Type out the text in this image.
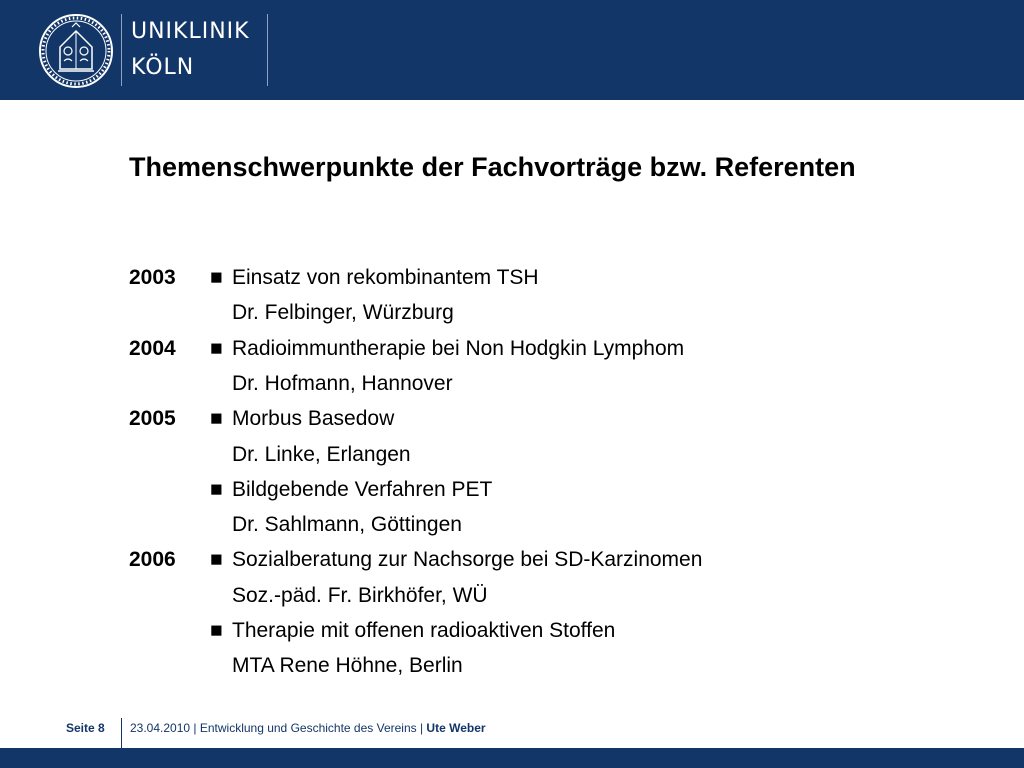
UNIKLINIK
KÖLN
Themenschwerpunkte der Fachvorträge bzw. Referenten
2003 ■ Einsatz von rekombinantem TSH
Dr. Felbinger, Würzburg
2004 ■ Radioimmuntherapie bei Non Hodgkin Lymphom
Dr. Hofmann, Hannover
2005 ■ Morbus Basedow
Dr. Linke, Erlangen
■ Bildgebende Verfahren PET
Dr. Sahlmann, Göttingen
2006 ■ Sozialberatung zur Nachsorge bei SD-Karzinomen
Soz.-päd. Fr. Birkhöfer, WÜ
■ Therapie mit offenen radioaktiven Stoffen
MTA Rene Höhne, Berlin
Seite 8 23.04.2010 | Entwicklung und Geschichte des Vereins | Ute Weber
